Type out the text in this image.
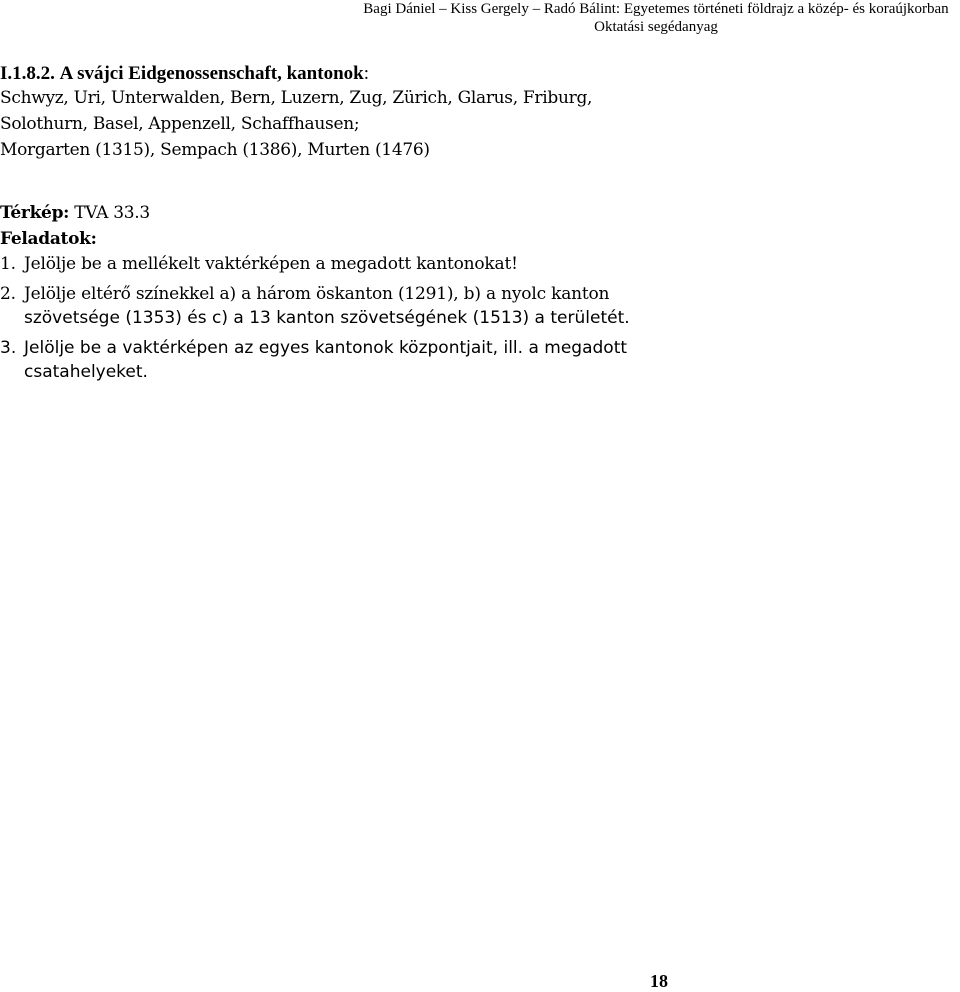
Bagi Dániel – Kiss Gergely – Radó Bálint: Egyetemes történeti földrajz a közép- és koraújkorban
Oktatási segédanyag

I.1.8.2. A svájci Eidgenossenschaft, kantonok:

Schwyz, Uri, Unterwalden, Bern, Luzern, Zug, Zürich, Glarus, Friburg,

Solothurn, Basel, Appenzell, Schaffhausen;

Morgarten (1315), Sempach (1386), Murten (1476)

Térkép: TVA 33.3

Feladatok:

1. Jelölje be a mellékelt vaktérképen a megadott kantonokat!

2. Jelölje eltérő színekkel a) a három öskanton (1291), b) a nyolc kanton

szövetsége (1353) és c) a 13 kanton szövetségének (1513) a területét.

3. Jelölje be a vaktérképen az egyes kantonok központjait, ill. a megadott

csatahelyeket.

18
